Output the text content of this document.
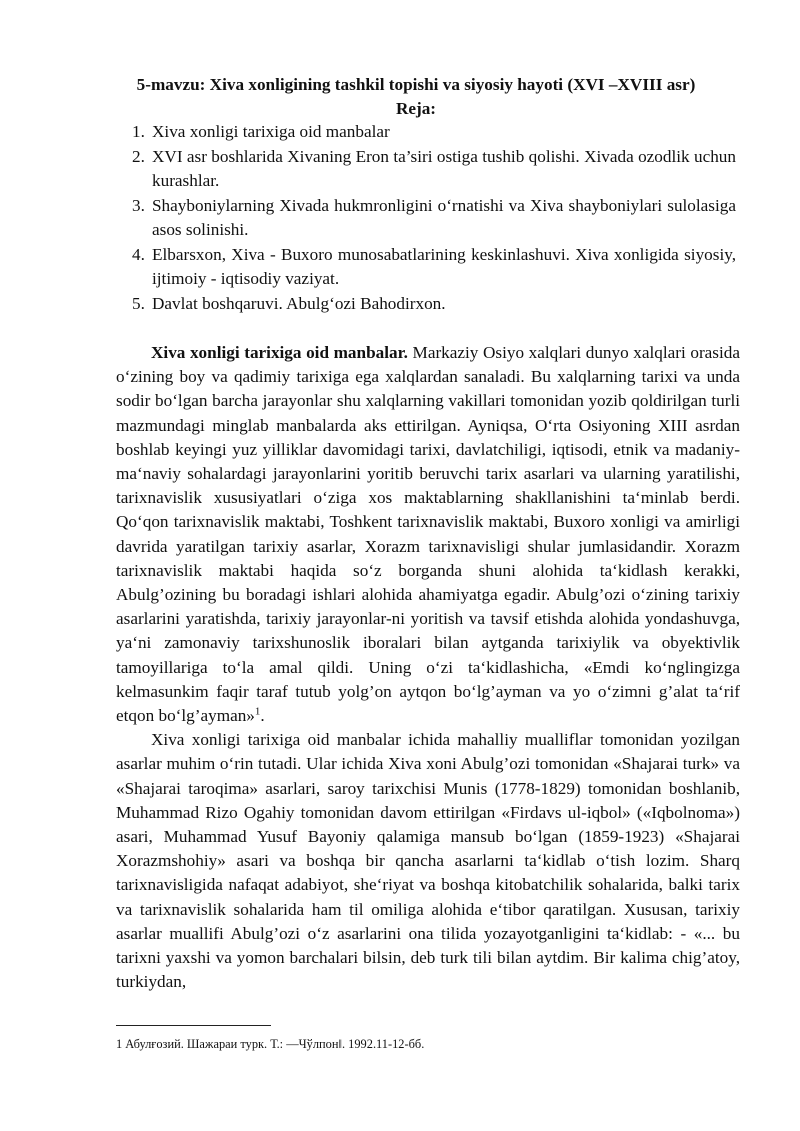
5-mavzu: Xiva xonligining tashkil topishi va siyosiy hayoti (XVI –XVIII asr)
Reja:
1. Xiva xonligi tarixiga oid manbalar
2. XVI asr boshlarida Xivaning Eron ta’siri ostiga tushib qolishi. Xivada ozodlik uchun kurashlar.
3. Shayboniylarning Xivada hukmronligini o‘rnatishi va Xiva shayboniylari sulolasiga asos solinishi.
4. Elbarsxon, Xiva - Buxoro munosabatlarining keskinlashuvi. Xiva xonligida siyosiy, ijtimoiy - iqtisodiy vaziyat.
5. Davlat boshqaruvi. Abulg‘ozi Bahodirxon.

Xiva xonligi tarixiga oid manbalar. Markaziy Osiyo xalqlari dunyo xalqlari orasida o‘zining boy va qadimiy tarixiga ega xalqlardan sanaladi. Bu xalqlarning tarixi va unda sodir bo‘lgan barcha jarayonlar shu xalqlarning vakillari tomonidan yozib qoldirilgan turli mazmundagi minglab manbalarda aks ettirilgan. Ayniqsa, O‘rta Osiyoning XIII asrdan boshlab keyingi yuz yilliklar davomidagi tarixi, davlatchiligi, iqtisodi, etnik va madaniy-ma‘naviy sohalardagi jarayonlarini yoritib beruvchi tarix asarlari va ularning yaratilishi, tarixnavislik xususiyatlari o‘ziga xos maktablarning shakllanishini ta‘minlab berdi. Qo‘qon tarixnavislik maktabi, Toshkent tarixnavislik maktabi, Buxoro xonligi va amirligi davrida yaratilgan tarixiy asarlar, Xorazm tarixnavisligi shular jumlasidandir. Xorazm tarixnavislik maktabi haqida so‘z borganda shuni alohida ta‘kidlash kerakki, Abulg’ozining bu boradagi ishlari alohida ahamiyatga egadir. Abulg’ozi o‘zining tarixiy asarlarini yaratishda, tarixiy jarayonlar-ni yoritish va tavsif etishda alohida yondashuvga, ya‘ni zamonaviy tarixshunoslik iboralari bilan aytganda tarixiylik va obyektivlik tamoyillariga to‘la amal qildi. Uning o‘zi ta‘kidlashicha, «Emdi ko‘nglingizga kelmasunkim faqir taraf tutub yolg’on aytqon bo‘lg’ayman va yo o‘zimni g’alat ta‘rif etqon bo‘lg’ayman»$^1$.

Xiva xonligi tarixiga oid manbalar ichida mahalliy mualliflar tomonidan yozilgan asarlar muhim o‘rin tutadi. Ular ichida Xiva xoni Abulg’ozi tomonidan «Shajarai turk» va «Shajarai taroqima» asarlari, saroy tarixchisi Munis (1778-1829) tomonidan boshlanib, Muhammad Rizo Ogahiy tomonidan davom ettirilgan «Firdavs ul-iqbol» («Iqbolnoma») asari, Muhammad Yusuf Bayoniy qalamiga mansub bo‘lgan (1859-1923) «Shajarai Xorazmshohiy» asari va boshqa bir qancha asarlarni ta‘kidlab o‘tish lozim. Sharq tarixnavisligida nafaqat adabiyot, she‘riyat va boshqa kitobatchilik sohalarida, balki tarix va tarixnavislik sohalarida ham til omiliga alohida e‘tibor qaratilgan. Xususan, tarixiy asarlar muallifi Abulg’ozi o‘z asarlarini ona tilida yozayotganligini ta‘kidlab: - «... bu tarixni yaxshi va yomon barchalari bilsin, deb turk tili bilan aytdim. Bir kalima chig’atoy, turkiydan,

1 Абулғозий. Шажараи турк. Т.: ―Чўлпонǁ. 1992.11-12-бб.
